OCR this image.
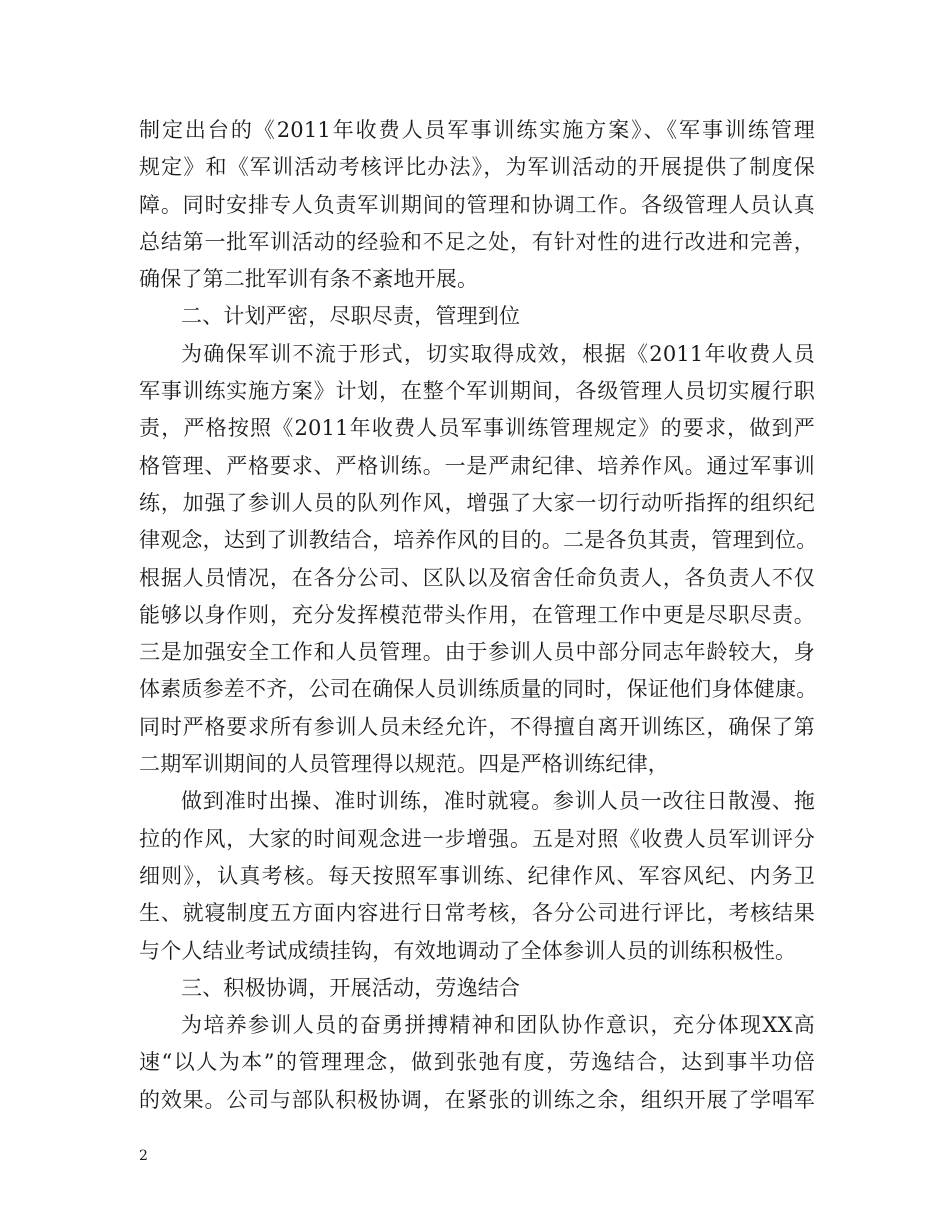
制定出台的《2011年收费人员军事训练实施方案》、《军事训练管理
规定》和《军训活动考核评比办法》，为军训活动的开展提供了制度保
障。同时安排专人负责军训期间的管理和协调工作。各级管理人员认真
总结第一批军训活动的经验和不足之处，有针对性的进行改进和完善，
确保了第二批军训有条不紊地开展。
二、计划严密，尽职尽责，管理到位
为确保军训不流于形式，切实取得成效，根据《2011年收费人员
军事训练实施方案》计划，在整个军训期间，各级管理人员切实履行职
责，严格按照《2011年收费人员军事训练管理规定》的要求，做到严
格管理、严格要求、严格训练。一是严肃纪律、培养作风。通过军事训
练，加强了参训人员的队列作风，增强了大家一切行动听指挥的组织纪
律观念，达到了训教结合，培养作风的目的。二是各负其责，管理到位。
根据人员情况，在各分公司、区队以及宿舍任命负责人，各负责人不仅
能够以身作则，充分发挥模范带头作用，在管理工作中更是尽职尽责。
三是加强安全工作和人员管理。由于参训人员中部分同志年龄较大，身
体素质参差不齐，公司在确保人员训练质量的同时，保证他们身体健康。
同时严格要求所有参训人员未经允许，不得擅自离开训练区，确保了第
二期军训期间的人员管理得以规范。四是严格训练纪律，
做到准时出操、准时训练，准时就寝。参训人员一改往日散漫、拖
拉的作风，大家的时间观念进一步增强。五是对照《收费人员军训评分
细则》，认真考核。每天按照军事训练、纪律作风、军容风纪、内务卫
生、就寝制度五方面内容进行日常考核，各分公司进行评比，考核结果
与个人结业考试成绩挂钩，有效地调动了全体参训人员的训练积极性。
三、积极协调，开展活动，劳逸结合
为培养参训人员的奋勇拼搏精神和团队协作意识，充分体现XX高
速“以人为本”的管理理念，做到张弛有度，劳逸结合，达到事半功倍
的效果。公司与部队积极协调，在紧张的训练之余，组织开展了学唱军
2
